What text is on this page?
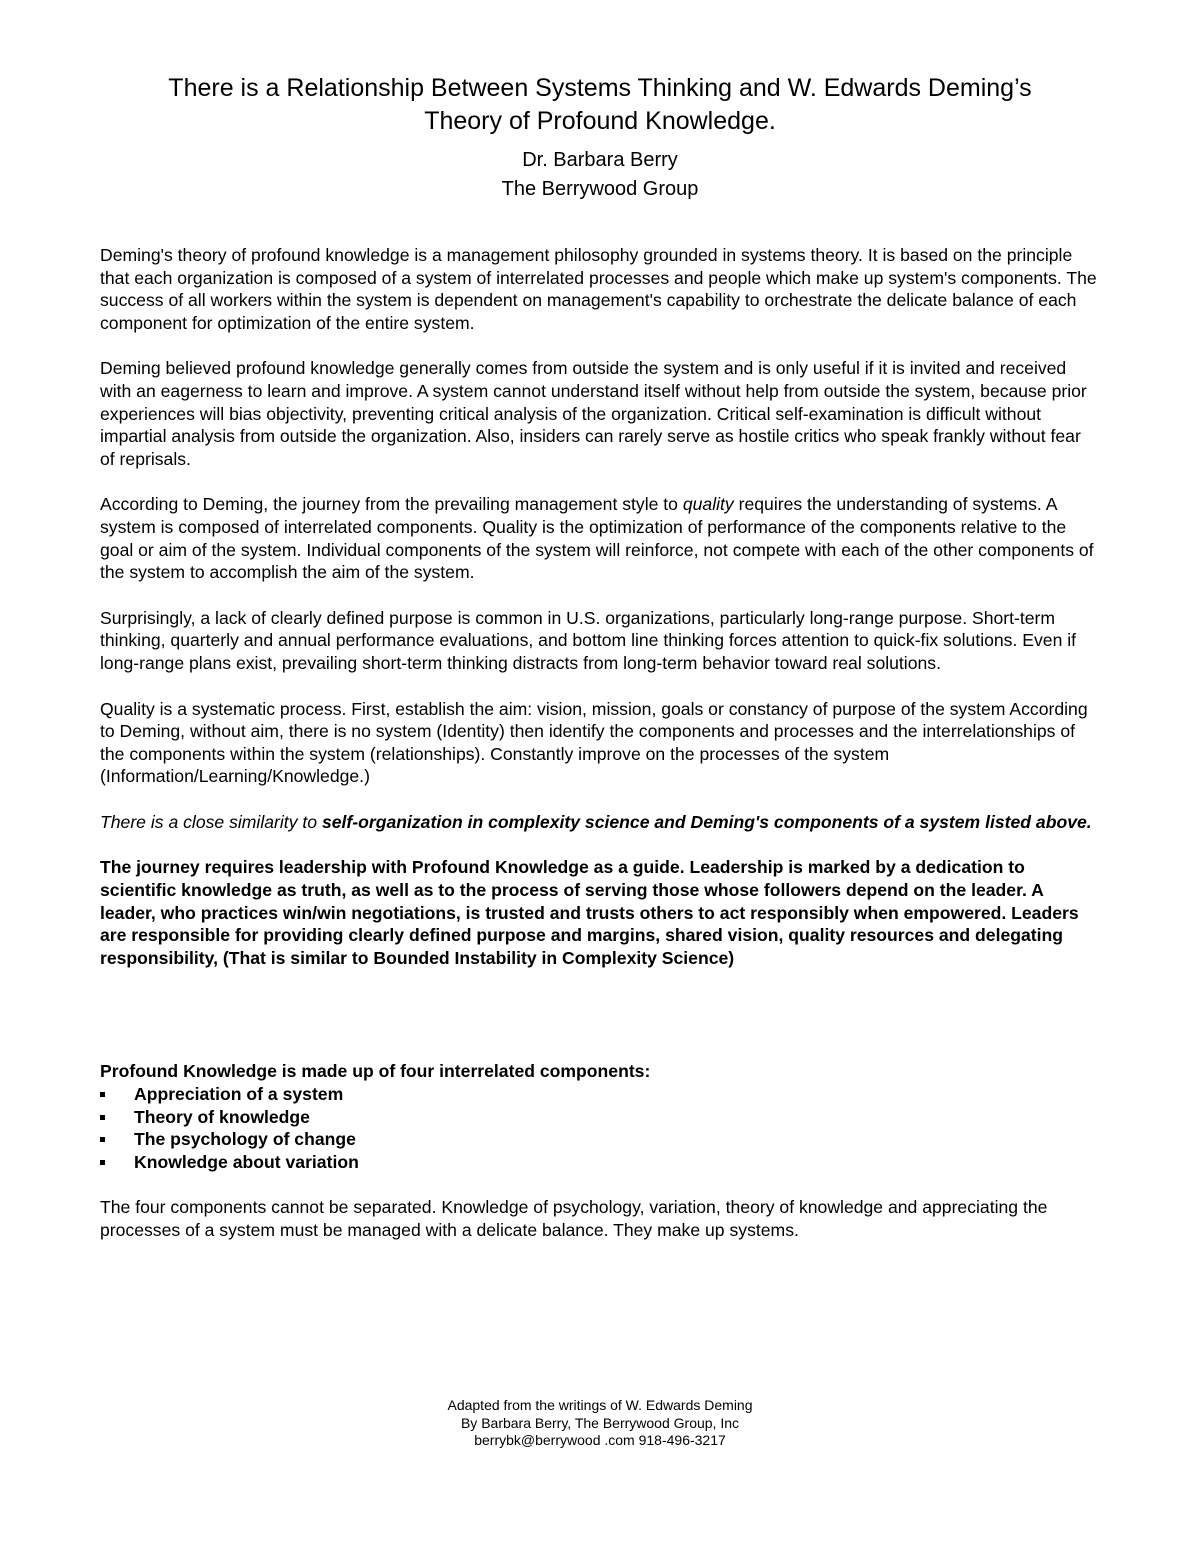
There is a Relationship Between Systems Thinking and W. Edwards Deming’s
Theory of Profound Knowledge.

Dr. Barbara Berry

The Berrywood Group

Deming's theory of profound knowledge is a management philosophy grounded in systems theory. It is based on the principle that each organization is composed of a system of interrelated processes and people which make up system's components. The success of all workers within the system is dependent on management's capability to orchestrate the delicate balance of each component for optimization of the entire system.

Deming believed profound knowledge generally comes from outside the system and is only useful if it is invited and received with an eagerness to learn and improve. A system cannot understand itself without help from outside the system, because prior experiences will bias objectivity, preventing critical analysis of the organization. Critical self-examination is difficult without impartial analysis from outside the organization. Also, insiders can rarely serve as hostile critics who speak frankly without fear of reprisals.

According to Deming, the journey from the prevailing management style to quality requires the understanding of systems. A system is composed of interrelated components. Quality is the optimization of performance of the components relative to the goal or aim of the system. Individual components of the system will reinforce, not compete with each of the other components of the system to accomplish the aim of the system.

Surprisingly, a lack of clearly defined purpose is common in U.S. organizations, particularly long-range purpose. Short-term thinking, quarterly and annual performance evaluations, and bottom line thinking forces attention to quick-fix solutions. Even if long-range plans exist, prevailing short-term thinking distracts from long-term behavior toward real solutions.

Quality is a systematic process. First, establish the aim: vision, mission, goals or constancy of purpose of the system According to Deming, without aim, there is no system (Identity) then identify the components and processes and the interrelationships of the components within the system (relationships). Constantly improve on the processes of the system (Information/Learning/Knowledge.)

There is a close similarity to self-organization in complexity science and Deming's components of a system listed above.

The journey requires leadership with Profound Knowledge as a guide. Leadership is marked by a dedication to scientific knowledge as truth, as well as to the process of serving those whose followers depend on the leader. A leader, who practices win/win negotiations, is trusted and trusts others to act responsibly when empowered. Leaders are responsible for providing clearly defined purpose and margins, shared vision, quality resources and delegating responsibility, (That is similar to Bounded Instability in Complexity Science)

Profound Knowledge is made up of four interrelated components:

Appreciation of a system
Theory of knowledge
The psychology of change
Knowledge about variation

The four components cannot be separated. Knowledge of psychology, variation, theory of knowledge and appreciating the processes of a system must be managed with a delicate balance. They make up systems.

Adapted from the writings of W. Edwards Deming
By Barbara Berry, The Berrywood Group, Inc
berrybk@berrywood .com 918-496-3217
